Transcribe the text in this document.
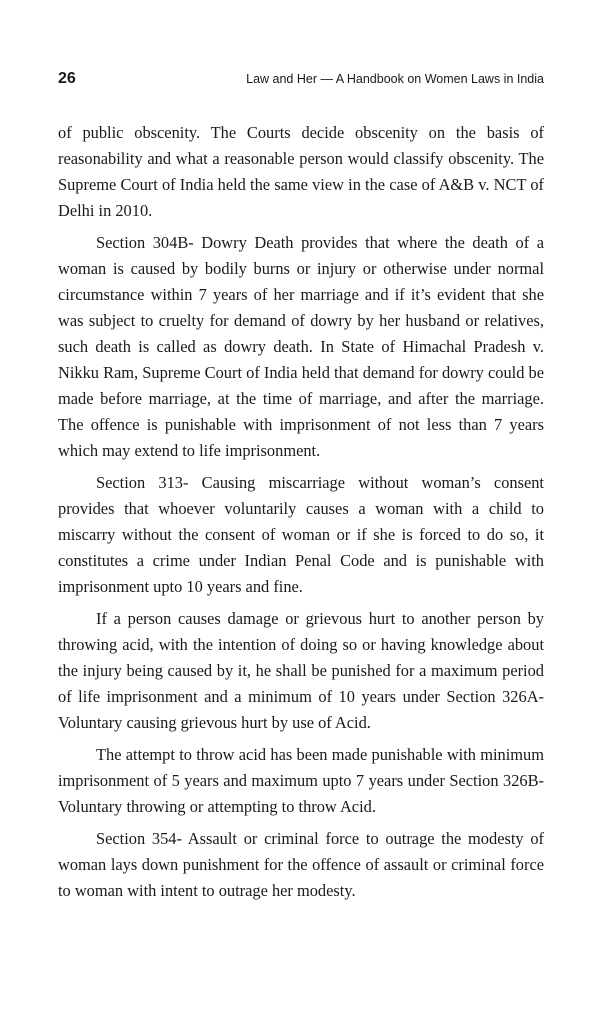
26	Law and Her — A Handbook on Women Laws in India

of public obscenity. The Courts decide obscenity on the basis of reasonability and what a reasonable person would classify obscenity. The Supreme Court of India held the same view in the case of A&B v. NCT of Delhi in 2010.

Section 304B- Dowry Death provides that where the death of a woman is caused by bodily burns or injury or otherwise under normal circumstance within 7 years of her marriage and if it’s evident that she was subject to cruelty for demand of dowry by her husband or relatives, such death is called as dowry death. In State of Himachal Pradesh v. Nikku Ram, Supreme Court of India held that demand for dowry could be made before marriage, at the time of marriage, and after the marriage. The offence is punishable with imprisonment of not less than 7 years which may extend to life imprisonment.

Section 313- Causing miscarriage without woman’s consent provides that whoever voluntarily causes a woman with a child to miscarry without the consent of woman or if she is forced to do so, it constitutes a crime under Indian Penal Code and is punishable with imprisonment upto 10 years and fine.

If a person causes damage or grievous hurt to another person by throwing acid, with the intention of doing so or having knowledge about the injury being caused by it, he shall be punished for a maximum period of life imprisonment and a minimum of 10 years under Section 326A- Voluntary causing grievous hurt by use of Acid.

The attempt to throw acid has been made punishable with minimum imprisonment of 5 years and maximum upto 7 years under Section 326B-Voluntary throwing or attempting to throw Acid.

Section 354- Assault or criminal force to outrage the modesty of woman lays down punishment for the offence of assault or criminal force to woman with intent to outrage her modesty.
